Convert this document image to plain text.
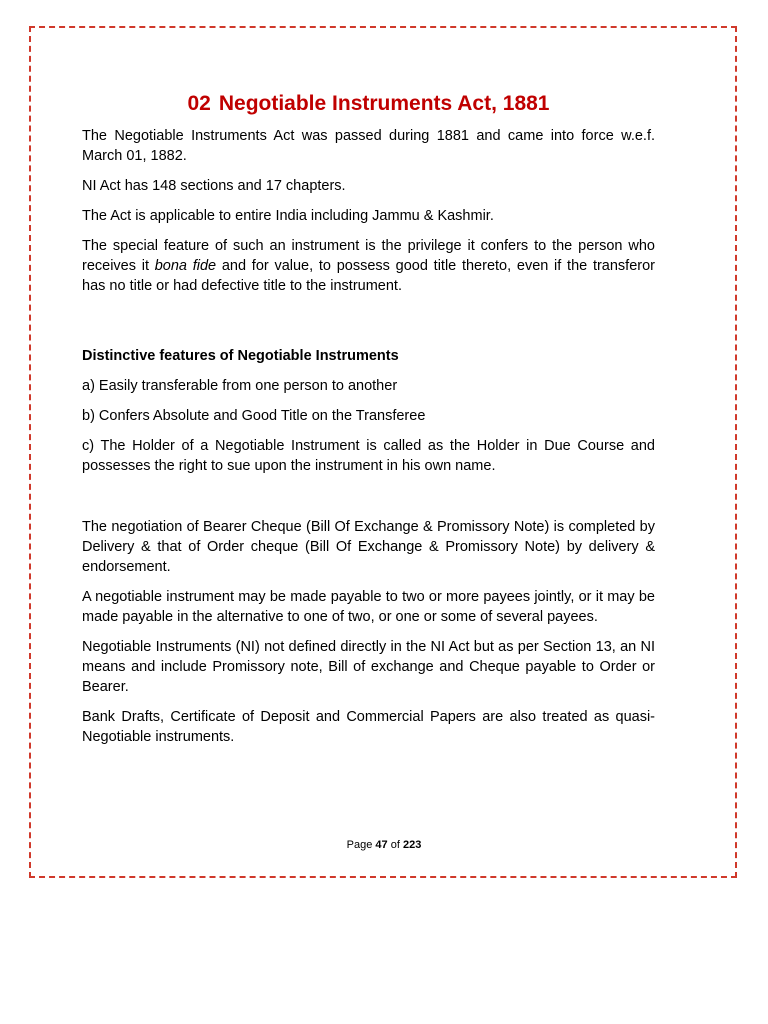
02 Negotiable Instruments Act, 1881

The Negotiable Instruments Act was passed during 1881 and came into force w.e.f. March 01, 1882.

NI Act has 148 sections and 17 chapters.

The Act is applicable to entire India including Jammu & Kashmir.

The special feature of such an instrument is the privilege it confers to the person who receives it bona fide and for value, to possess good title thereto, even if the transferor has no title or had defective title to the instrument.

Distinctive features of Negotiable Instruments

a) Easily transferable from one person to another

b) Confers Absolute and Good Title on the Transferee

c) The Holder of a Negotiable Instrument is called as the Holder in Due Course and possesses the right to sue upon the instrument in his own name.

The negotiation of Bearer Cheque (Bill Of Exchange & Promissory Note) is completed by Delivery & that of Order cheque (Bill Of Exchange & Promissory Note) by delivery & endorsement.

A negotiable instrument may be made payable to two or more payees jointly, or it may be made payable in the alternative to one of two, or one or some of several payees.

Negotiable Instruments (NI) not defined directly in the NI Act but as per Section 13, an NI means and include Promissory note, Bill of exchange and Cheque payable to Order or Bearer.

Bank Drafts, Certificate of Deposit and Commercial Papers are also treated as quasi-Negotiable instruments.

Page 47 of 223
